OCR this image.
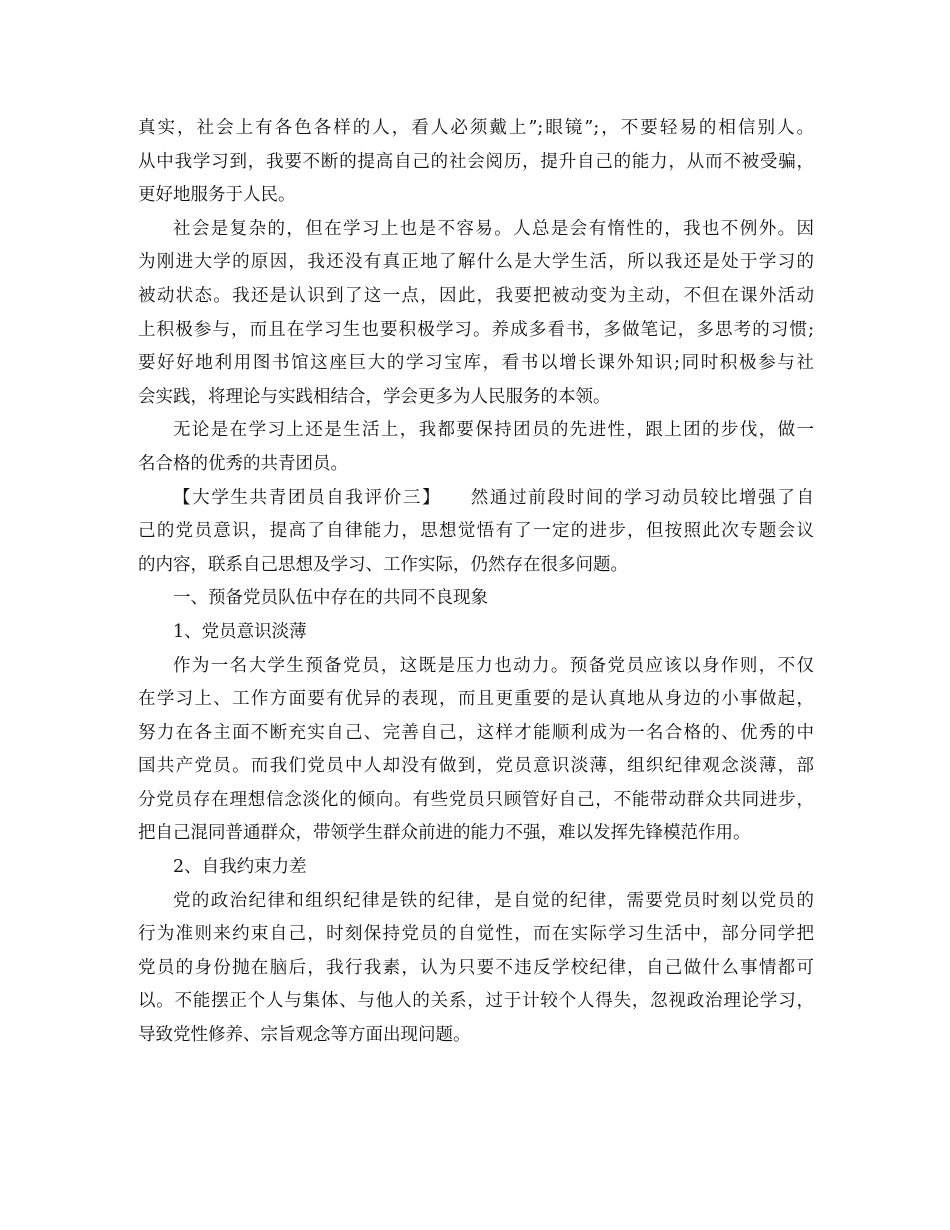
真实，社会上有各色各样的人，看人必须戴上”;眼镜”;，不要轻易的相信别人。
从中我学习到，我要不断的提高自己的社会阅历，提升自己的能力，从而不被受骗，
更好地服务于人民。
社会是复杂的，但在学习上也是不容易。人总是会有惰性的，我也不例外。因
为刚进大学的原因，我还没有真正地了解什么是大学生活，所以我还是处于学习的
被动状态。我还是认识到了这一点，因此，我要把被动变为主动，不但在课外活动
上积极参与，而且在学习生也要积极学习。养成多看书，多做笔记，多思考的习惯;
要好好地利用图书馆这座巨大的学习宝库，看书以增长课外知识;同时积极参与社
会实践，将理论与实践相结合，学会更多为人民服务的本领。
无论是在学习上还是生活上，我都要保持团员的先进性，跟上团的步伐，做一
名合格的优秀的共青团员。
【大学生共青团员自我评价三】　　然通过前段时间的学习动员较比增强了自
己的党员意识，提高了自律能力，思想觉悟有了一定的进步，但按照此次专题会议
的内容，联系自己思想及学习、工作实际，仍然存在很多问题。
一、预备党员队伍中存在的共同不良现象
1、党员意识淡薄
作为一名大学生预备党员，这既是压力也动力。预备党员应该以身作则，不仅
在学习上、工作方面要有优异的表现，而且更重要的是认真地从身边的小事做起，
努力在各主面不断充实自己、完善自己，这样才能顺利成为一名合格的、优秀的中
国共产党员。而我们党员中人却没有做到，党员意识淡薄，组织纪律观念淡薄，部
分党员存在理想信念淡化的倾向。有些党员只顾管好自己，不能带动群众共同进步，
把自己混同普通群众，带领学生群众前进的能力不强，难以发挥先锋模范作用。
2、自我约束力差
党的政治纪律和组织纪律是铁的纪律，是自觉的纪律，需要党员时刻以党员的
行为准则来约束自己，时刻保持党员的自觉性，而在实际学习生活中，部分同学把
党员的身份抛在脑后，我行我素，认为只要不违反学校纪律，自己做什么事情都可
以。不能摆正个人与集体、与他人的关系，过于计较个人得失，忽视政治理论学习，
导致党性修养、宗旨观念等方面出现问题。
